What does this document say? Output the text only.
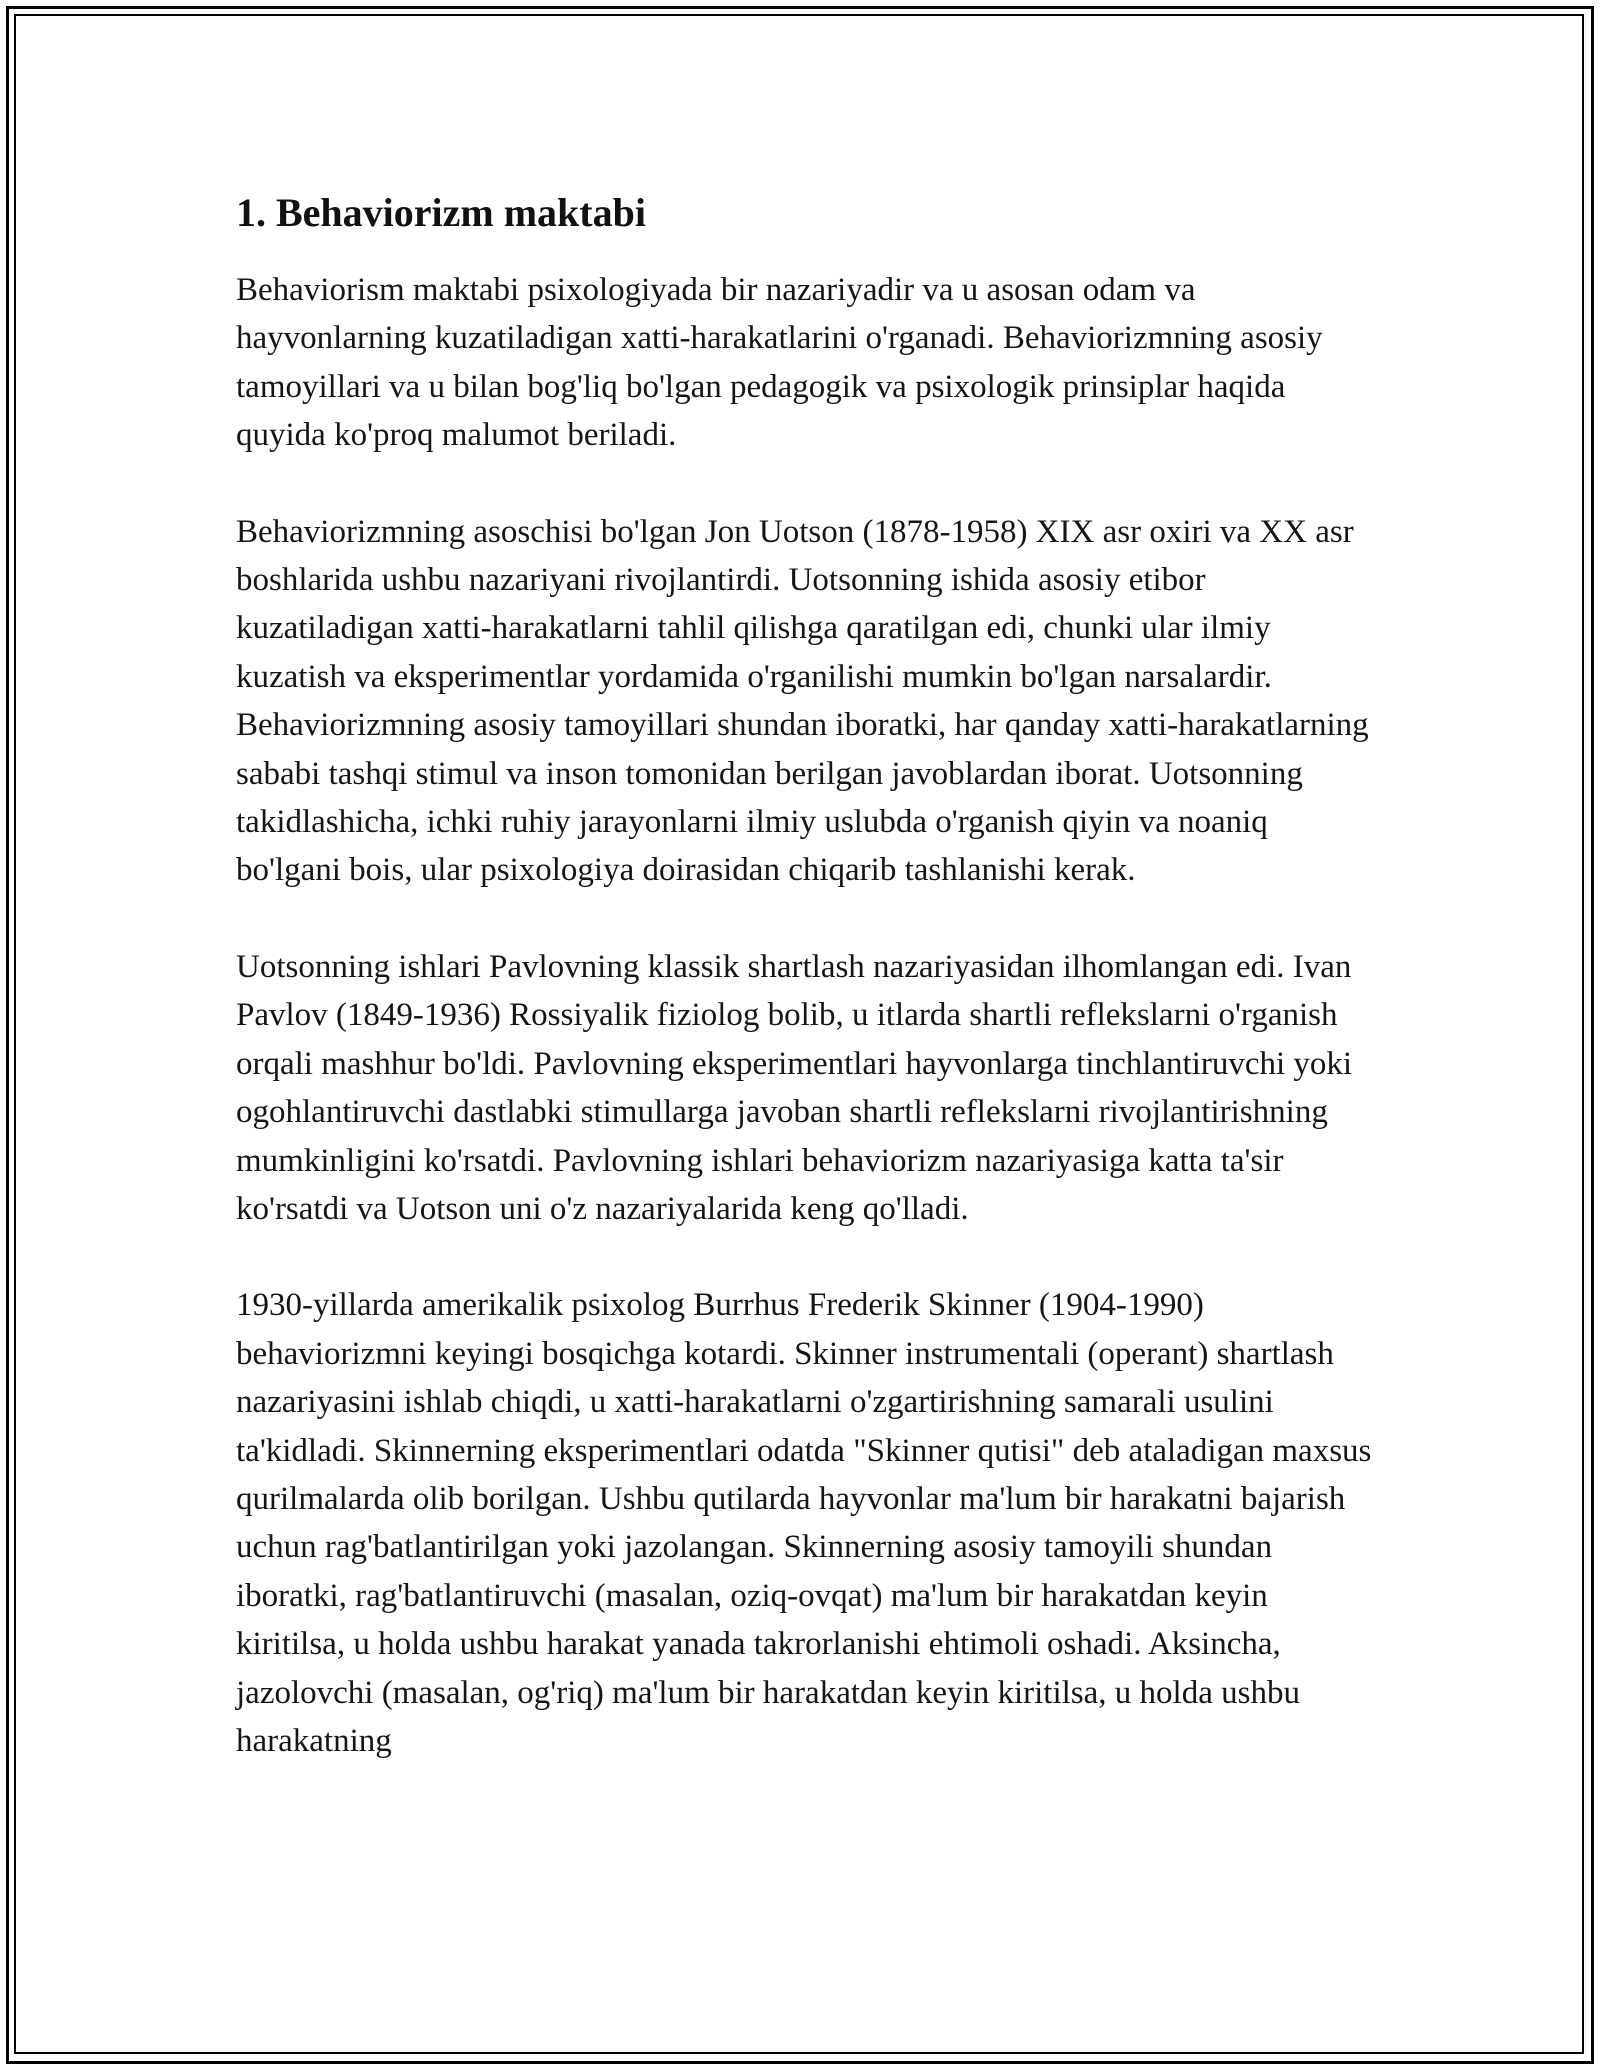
1. Behaviorizm maktabi

Behaviorism maktabi psixologiyada bir nazariyadir va u asosan odam va hayvonlarning kuzatiladigan xatti-harakatlarini o'rganadi. Behaviorizmning asosiy tamoyillari va u bilan bog'liq bo'lgan pedagogik va psixologik prinsiplar haqida quyida ko'proq malumot beriladi.

Behaviorizmning asoschisi bo'lgan Jon Uotson (1878-1958) XIX asr oxiri va XX asr boshlarida ushbu nazariyani rivojlantirdi. Uotsonning ishida asosiy etibor kuzatiladigan xatti-harakatlarni tahlil qilishga qaratilgan edi, chunki ular ilmiy kuzatish va eksperimentlar yordamida o'rganilishi mumkin bo'lgan narsalardir. Behaviorizmning asosiy tamoyillari shundan iboratki, har qanday xatti-harakatlarning sababi tashqi stimul va inson tomonidan berilgan javoblardan iborat. Uotsonning takidlashicha, ichki ruhiy jarayonlarni ilmiy uslubda o'rganish qiyin va noaniq bo'lgani bois, ular psixologiya doirasidan chiqarib tashlanishi kerak.

Uotsonning ishlari Pavlovning klassik shartlash nazariyasidan ilhomlangan edi. Ivan Pavlov (1849-1936) Rossiyalik fiziolog bolib, u itlarda shartli reflekslarni o'rganish orqali mashhur bo'ldi. Pavlovning eksperimentlari hayvonlarga tinchlantiruvchi yoki ogohlantiruvchi dastlabki stimullarga javoban shartli reflekslarni rivojlantirishning mumkinligini ko'rsatdi. Pavlovning ishlari behaviorizm nazariyasiga katta ta'sir ko'rsatdi va Uotson uni o'z nazariyalarida keng qo'lladi.

1930-yillarda amerikalik psixolog Burrhus Frederik Skinner (1904-1990) behaviorizmni keyingi bosqichga kotardi. Skinner instrumentali (operant) shartlash nazariyasini ishlab chiqdi, u xatti-harakatlarni o'zgartirishning samarali usulini ta'kidladi. Skinnerning eksperimentlari odatda "Skinner qutisi" deb ataladigan maxsus qurilmalarda olib borilgan. Ushbu qutilarda hayvonlar ma'lum bir harakatni bajarish uchun rag'batlantirilgan yoki jazolangan. Skinnerning asosiy tamoyili shundan iboratki, rag'batlantiruvchi (masalan, oziq-ovqat) ma'lum bir harakatdan keyin kiritilsa, u holda ushbu harakat yanada takrorlanishi ehtimoli oshadi. Aksincha, jazolovchi (masalan, og'riq) ma'lum bir harakatdan keyin kiritilsa, u holda ushbu harakatning
